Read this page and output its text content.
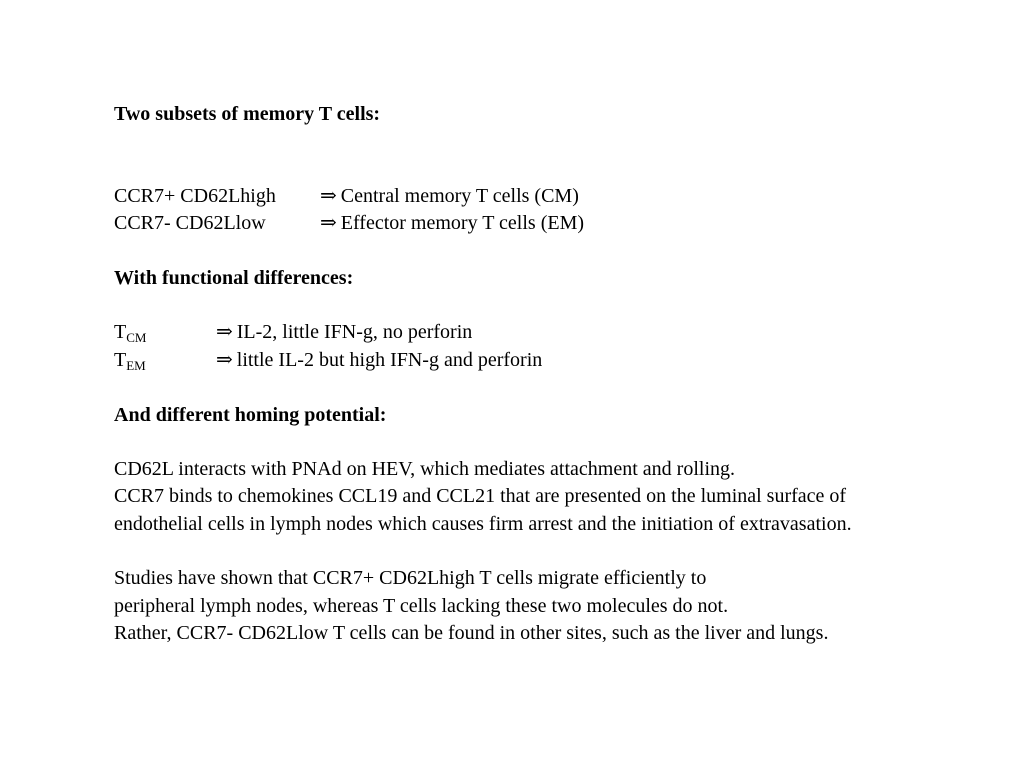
Two subsets of memory T cells:
CCR7+ CD62Lhigh ⇒ Central memory T cells (CM)
CCR7- CD62Llow	⇒ Effector memory T cells (EM)
With functional differences:
$T_{CM}$	⇒ IL-2, little IFN-g, no perforin
$T_{EM}$	⇒ little IL-2 but high IFN-g and perforin
And different homing potential:
CD62L interacts with PNAd on HEV, which mediates attachment and rolling.
CCR7 binds to chemokines CCL19 and CCL21 that are presented on the luminal surface of
endothelial cells in lymph nodes which causes firm arrest and the initiation of extravasation.
Studies have shown that CCR7+ CD62Lhigh T cells migrate efficiently to
peripheral lymph nodes, whereas T cells lacking these two molecules do not.
Rather, CCR7- CD62Llow T cells can be found in other sites, such as the liver and lungs.
